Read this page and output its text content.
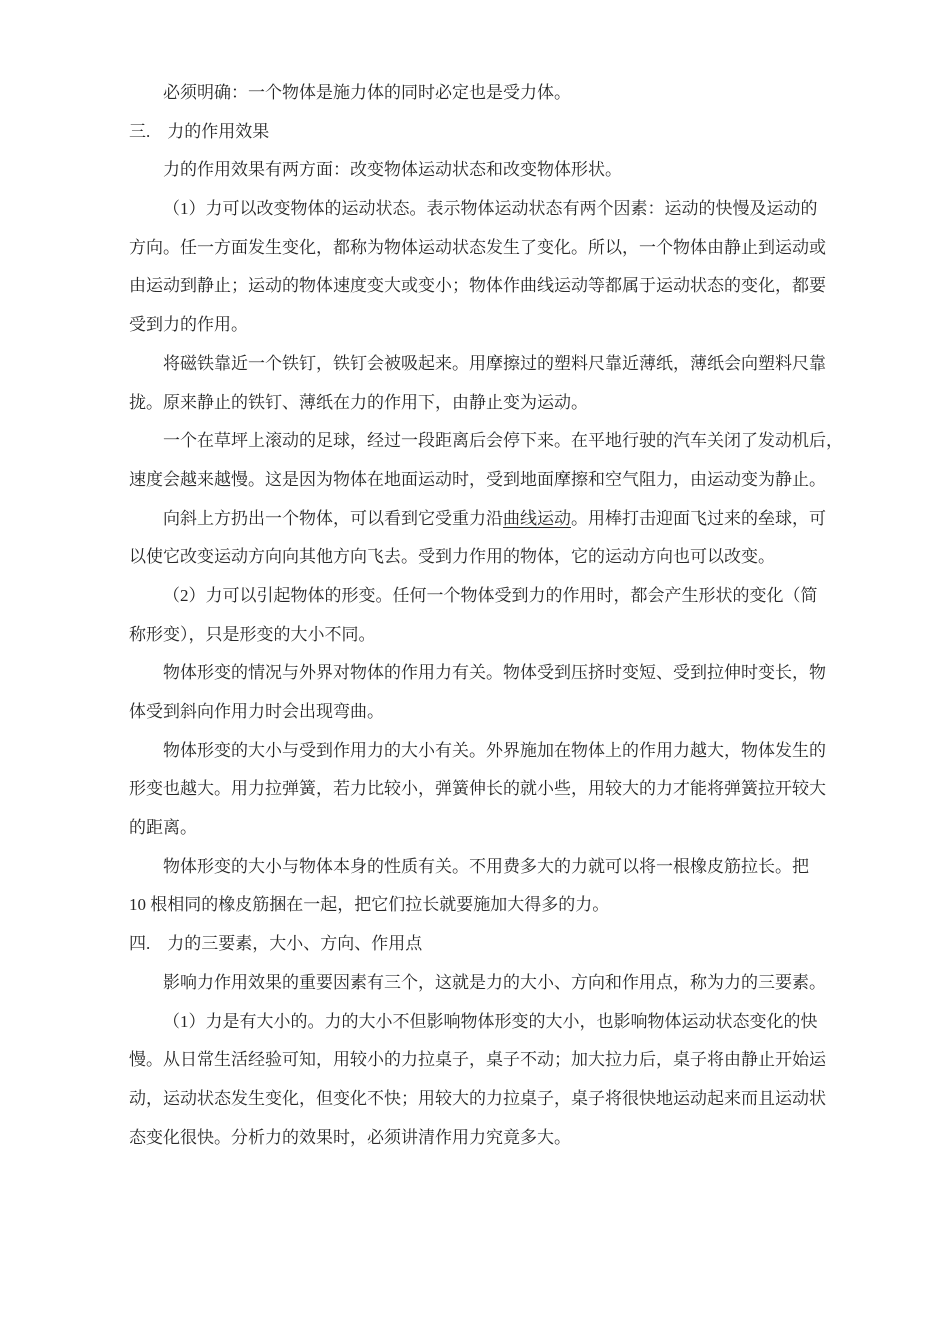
必须明确：一个物体是施力体的同时必定也是受力体。
三.　力的作用效果
力的作用效果有两方面：改变物体运动状态和改变物体形状。
（1）力可以改变物体的运动状态。表示物体运动状态有两个因素：运动的快慢及运动的
方向。任一方面发生变化，都称为物体运动状态发生了变化。所以，一个物体由静止到运动或
由运动到静止；运动的物体速度变大或变小；物体作曲线运动等都属于运动状态的变化，都要
受到力的作用。
将磁铁靠近一个铁钉，铁钉会被吸起来。用摩擦过的塑料尺靠近薄纸，薄纸会向塑料尺靠
拢。原来静止的铁钉、薄纸在力的作用下，由静止变为运动。
一个在草坪上滚动的足球，经过一段距离后会停下来。在平地行驶的汽车关闭了发动机后，
速度会越来越慢。这是因为物体在地面运动时，受到地面摩擦和空气阻力，由运动变为静止。
向斜上方扔出一个物体，可以看到它受重力沿曲线运动。用棒打击迎面飞过来的垒球，可
以使它改变运动方向向其他方向飞去。受到力作用的物体，它的运动方向也可以改变。
（2）力可以引起物体的形变。任何一个物体受到力的作用时，都会产生形状的变化（简
称形变），只是形变的大小不同。
物体形变的情况与外界对物体的作用力有关。物体受到压挤时变短、受到拉伸时变长，物
体受到斜向作用力时会出现弯曲。
物体形变的大小与受到作用力的大小有关。外界施加在物体上的作用力越大，物体发生的
形变也越大。用力拉弹簧，若力比较小，弹簧伸长的就小些，用较大的力才能将弹簧拉开较大
的距离。
物体形变的大小与物体本身的性质有关。不用费多大的力就可以将一根橡皮筋拉长。把
10 根相同的橡皮筋捆在一起，把它们拉长就要施加大得多的力。
四.　力的三要素，大小、方向、作用点
影响力作用效果的重要因素有三个，这就是力的大小、方向和作用点，称为力的三要素。
（1）力是有大小的。力的大小不但影响物体形变的大小，也影响物体运动状态变化的快
慢。从日常生活经验可知，用较小的力拉桌子，桌子不动；加大拉力后，桌子将由静止开始运
动，运动状态发生变化，但变化不快；用较大的力拉桌子，桌子将很快地运动起来而且运动状
态变化很快。分析力的效果时，必须讲清作用力究竟多大。
